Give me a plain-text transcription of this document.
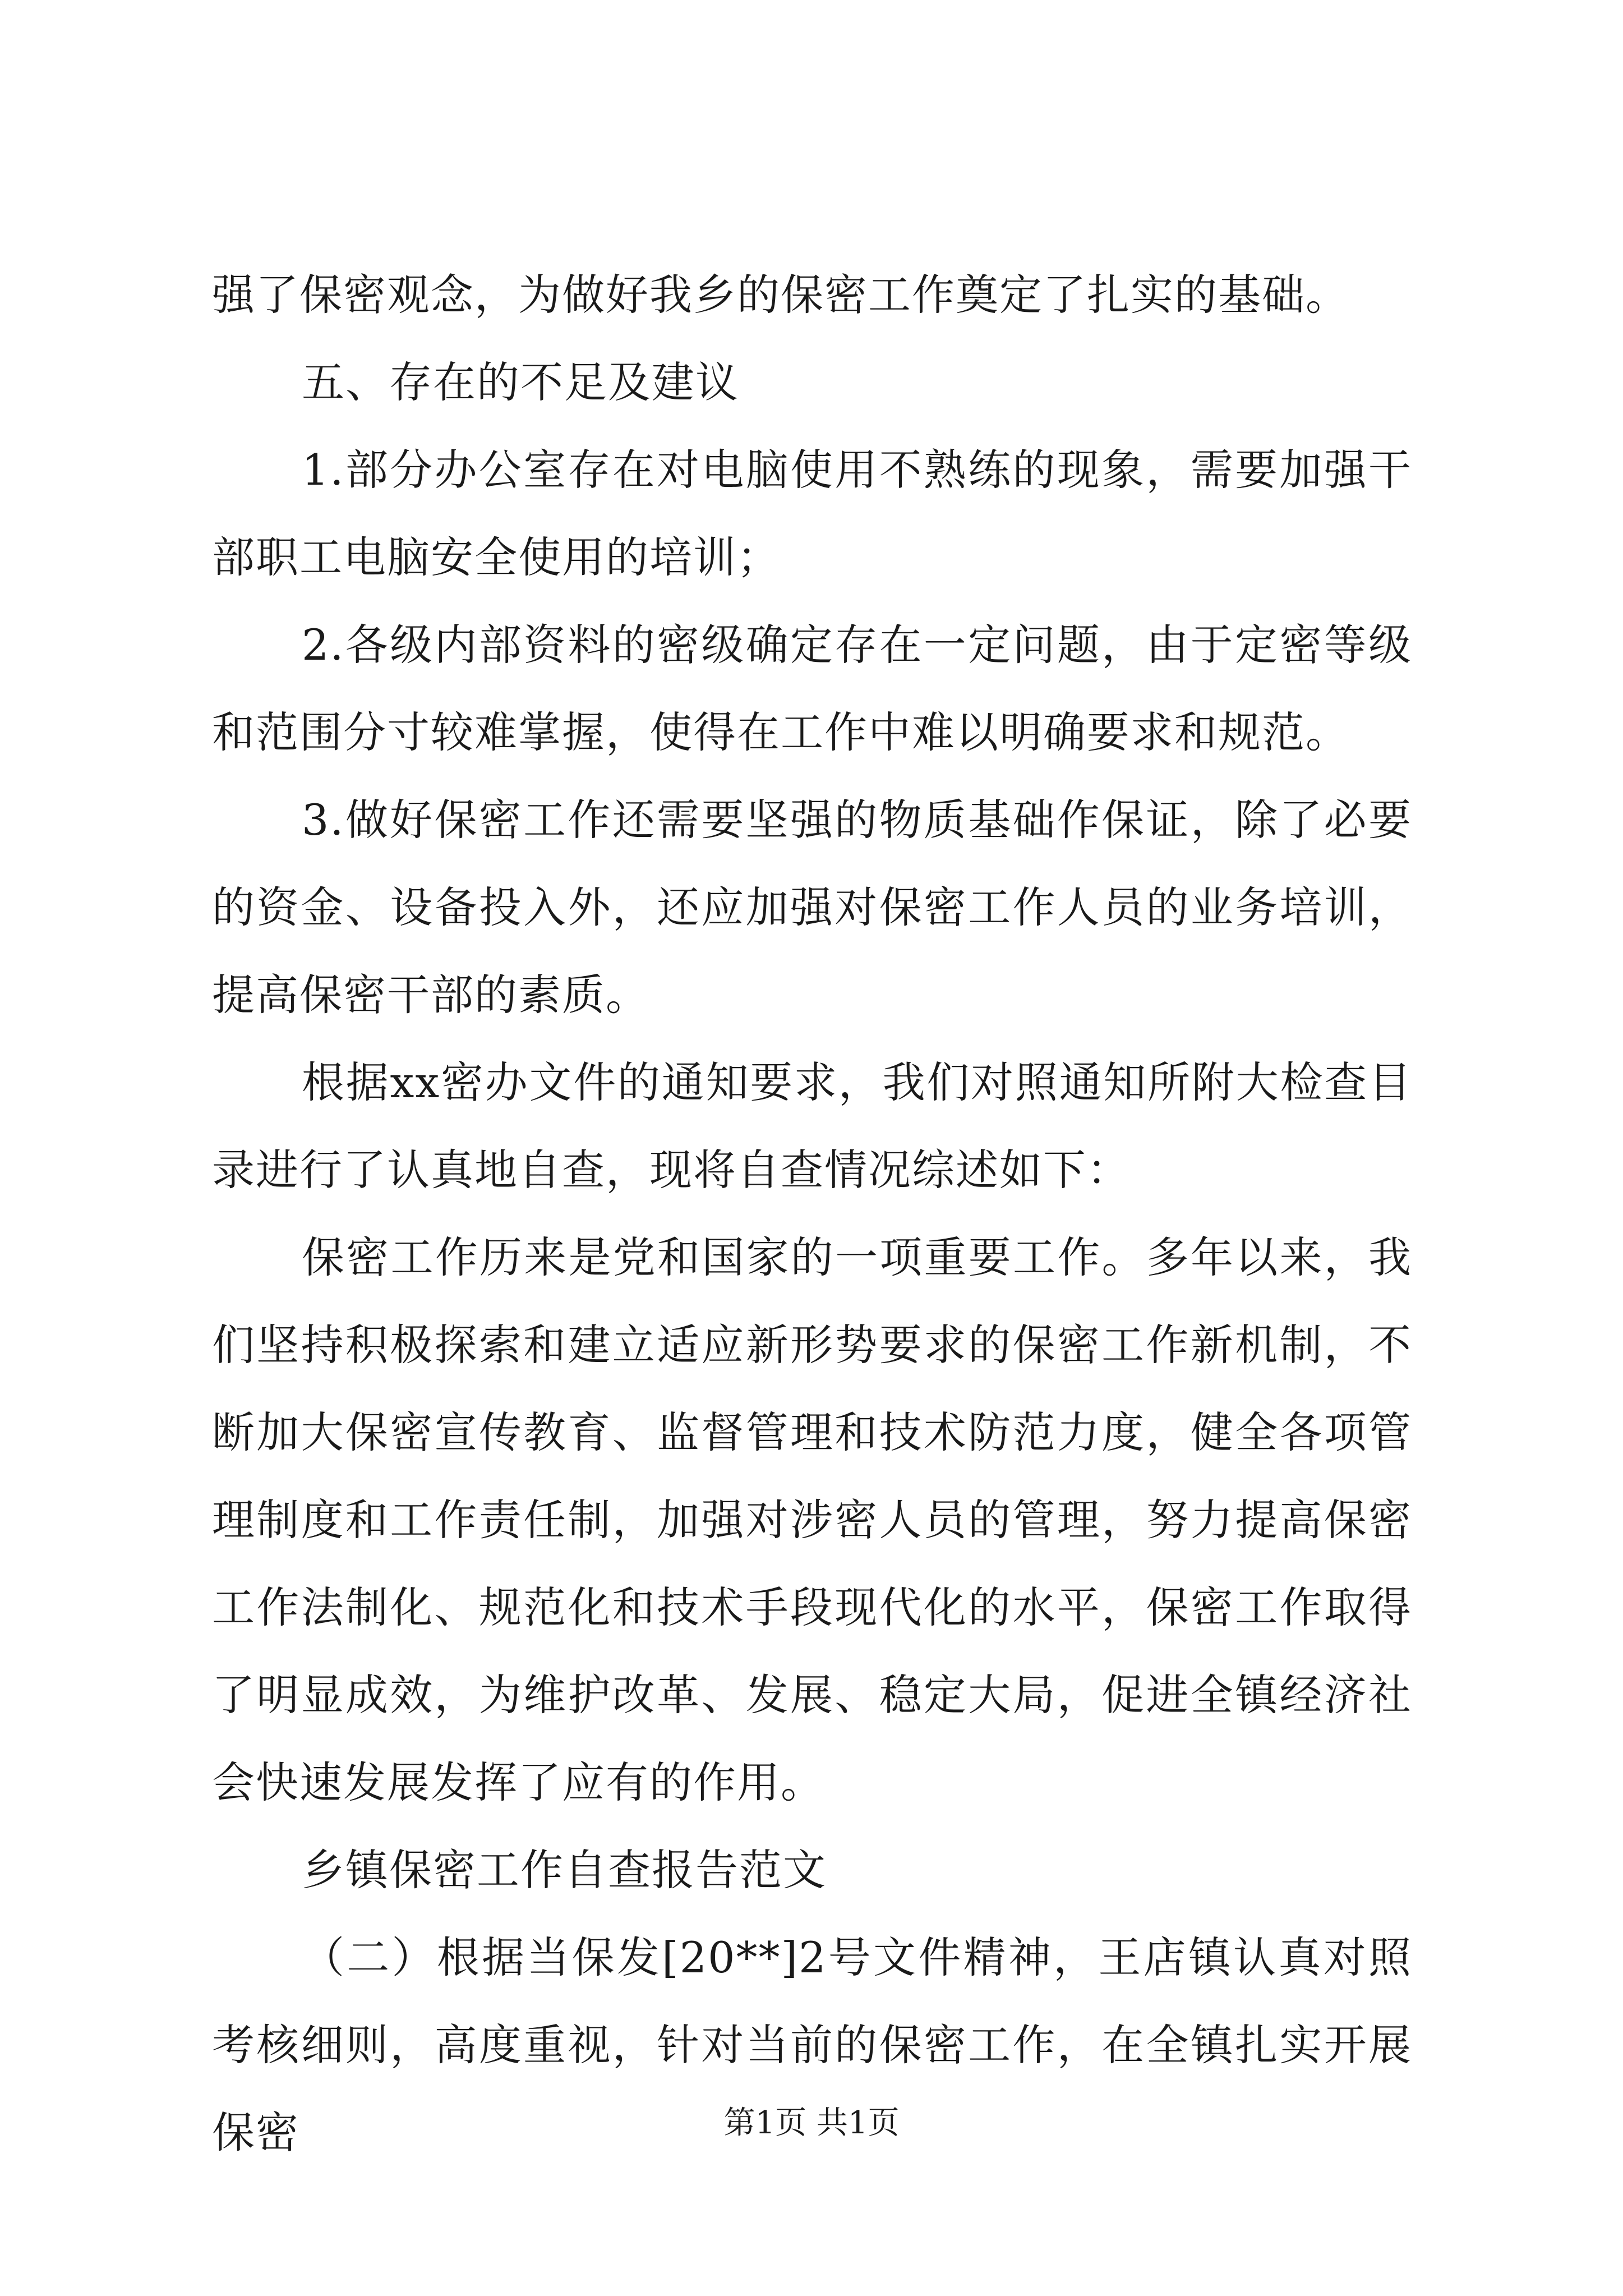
强了保密观念，为做好我乡的保密工作奠定了扎实的基础。

五、存在的不足及建议

1.部分办公室存在对电脑使用不熟练的现象，需要加强干部职工电脑安全使用的培训；

2.各级内部资料的密级确定存在一定问题，由于定密等级和范围分寸较难掌握，使得在工作中难以明确要求和规范。

3.做好保密工作还需要坚强的物质基础作保证，除了必要的资金、设备投入外，还应加强对保密工作人员的业务培训，提高保密干部的素质。

根据xx密办文件的通知要求，我们对照通知所附大检查目录进行了认真地自查，现将自查情况综述如下：

保密工作历来是党和国家的一项重要工作。多年以来，我们坚持积极探索和建立适应新形势要求的保密工作新机制，不断加大保密宣传教育、监督管理和技术防范力度，健全各项管理制度和工作责任制，加强对涉密人员的管理，努力提高保密工作法制化、规范化和技术手段现代化的水平，保密工作取得了明显成效，为维护改革、发展、稳定大局，促进全镇经济社会快速发展发挥了应有的作用。

乡镇保密工作自查报告范文

（二）根据当保发[20**]2号文件精神，王店镇认真对照考核细则，高度重视，针对当前的保密工作，在全镇扎实开展保密	第1页 共1页
